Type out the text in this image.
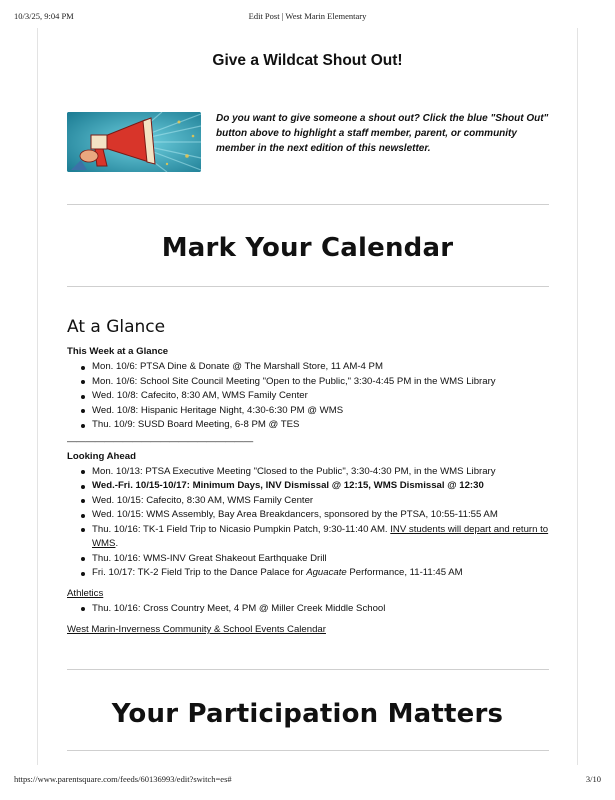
10/3/25, 9:04 PM	Edit Post | West Marin Elementary
Give a Wildcat Shout Out!
Do you want to give someone a shout out? Click the blue "Shout Out" button above to highlight a staff member, parent, or community member in the next edition of this newsletter.
Mark Your Calendar
At a Glance
This Week at a Glance
Mon. 10/6: PTSA Dine & Donate @ The Marshall Store, 11 AM-4 PM
Mon. 10/6: School Site Council Meeting "Open to the Public," 3:30-4:45 PM in the WMS Library
Wed. 10/8: Cafecito, 8:30 AM, WMS Family Center
Wed. 10/8: Hispanic Heritage Night, 4:30-6:30 PM @ WMS
Thu. 10/9: SUSD Board Meeting, 6-8 PM @ TES
————————————————————
Looking Ahead
Mon. 10/13: PTSA Executive Meeting "Closed to the Public", 3:30-4:30 PM, in the WMS Library
Wed.-Fri. 10/15-10/17: Minimum Days, INV Dismissal @ 12:15, WMS Dismissal @ 12:30
Wed. 10/15: Cafecito, 8:30 AM, WMS Family Center
Wed. 10/15: WMS Assembly, Bay Area Breakdancers, sponsored by the PTSA, 10:55-11:55 AM
Thu. 10/16: TK-1 Field Trip to Nicasio Pumpkin Patch, 9:30-11:40 AM. INV students will depart and return to WMS.
Thu. 10/16: WMS-INV Great Shakeout Earthquake Drill
Fri. 10/17: TK-2 Field Trip to the Dance Palace for Aguacate Performance, 11-11:45 AM
Athletics
Thu. 10/16: Cross Country Meet, 4 PM @ Miller Creek Middle School
West Marin-Inverness Community & School Events Calendar
Your Participation Matters
https://www.parentsquare.com/feeds/60136993/edit?switch=es#	3/10
